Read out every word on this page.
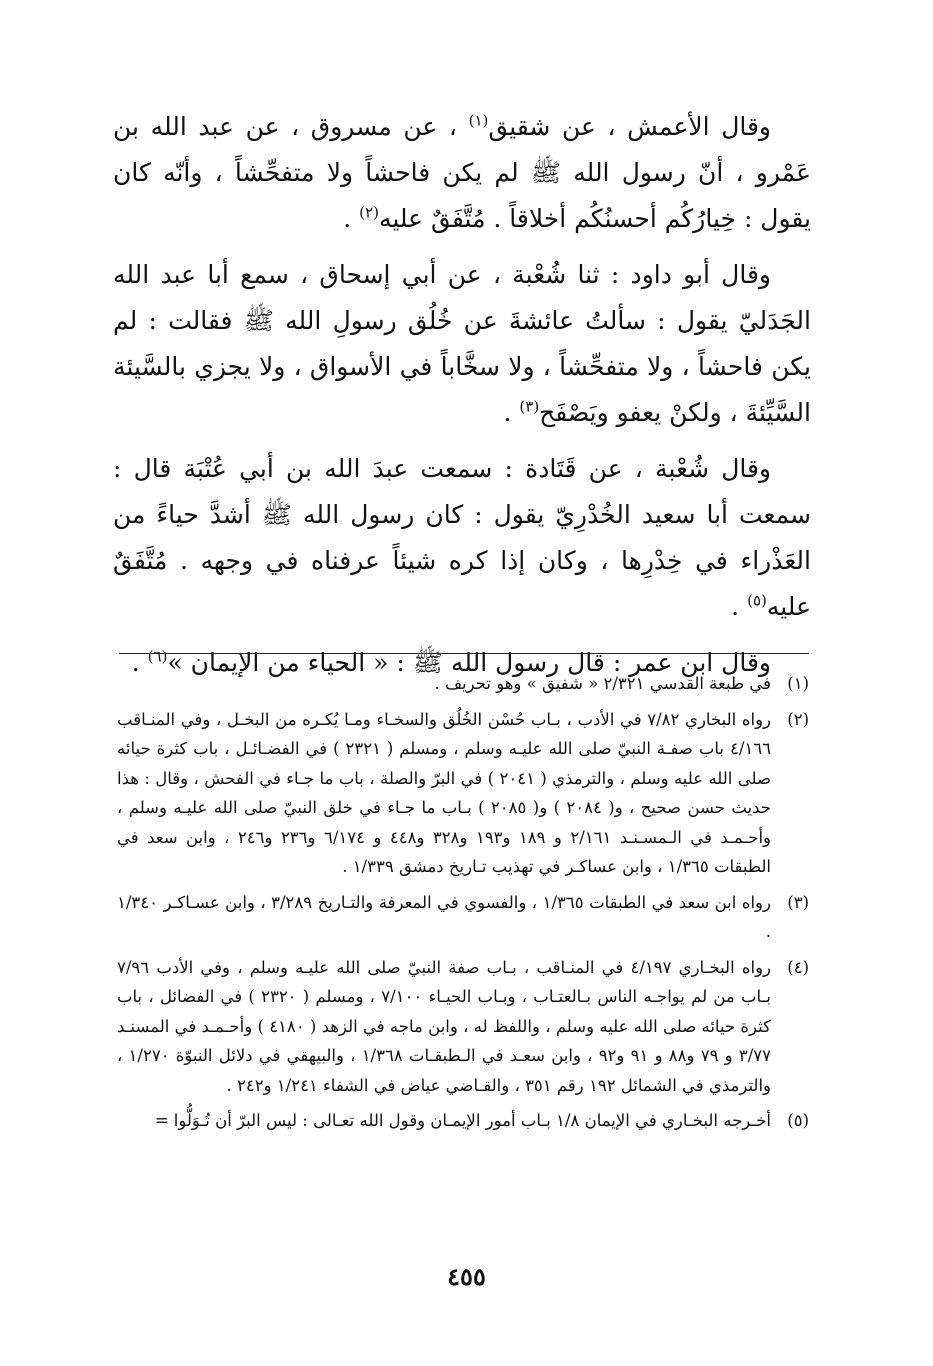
وقال الأعمش ، عن شقيق$^{(١)}$ ، عن مسروق ، عن عبد الله بن عَمْرو ، أنّ رسول الله ﷺ لم يكن فاحشاً ولا متفحِّشاً ، وأنّه كان يقول : خِيارُكُم أحسنُكُم أخلاقاً . مُتَّفَقٌ عليه$^{(٢)}$ .

وقال أبو داود : ثنا شُعْبة ، عن أبي إسحاق ، سمع أبا عبد الله الجَدَليّ يقول : سألتُ عائشةَ عن خُلُق رسولِ الله ﷺ فقالت : لم يكن فاحشاً ، ولا متفحِّشاً ، ولا سخَّاباً في الأسواق ، ولا يجزي بالسَّيئة السَّيِّئةَ ، ولكنْ يعفو ويَصْفَح$^{(٣)}$ .

وقال شُعْبة ، عن قَتَادة : سمعت عبدَ الله بن أبي عُتْبَة قال : سمعت أبا سعيد الخُدْرِيّ يقول : كان رسول الله ﷺ أشدَّ حياءً من العَذْراء في خِدْرِها ، وكان إذا كره شيئاً عرفناه في وجهه . مُتَّفَقٌ عليه$^{(٥)}$ .

وقال ابن عمر : قال رسول الله ﷺ : « الحياء من الإيمان »$^{(٦)}$ .

(١)
في طبعة القدسي ٢/٣٢١ « شفيق » وهو تحريف .
(٢)
رواه البخاري ٧/٨٢ في الأدب ، بـاب حُسْن الخُلُق والسخـاء ومـا يُكـره من البخـل ، وفي المنـاقب ٤/١٦٦ باب صفـة النبيّ صلى الله عليـه وسلم ، ومسلم ( ٢٣٢١ ) في الفضـائـل ، باب كثرة حيائه صلى الله عليه وسلم ، والترمذي ( ٢٠٤١ ) في البرّ والصلة ، باب ما جـاء في الفحش ، وقال : هذا حديث حسن صحيح ، و( ٢٠٨٤ ) و( ٢٠٨٥ ) بـاب ما جـاء في خلق النبيّ صلى الله عليـه وسلم ، وأحـمـد في الـمسـنـد ٢/١٦١ و ١٨٩ و١٩٣ و٣٢٨ و٤٤٨ و ٦/١٧٤ و٢٣٦ و٢٤٦ ، وابن سعد في الطبقات ١/٣٦٥ ، وابن عساكـر في تهذيب تـاريخ دمشق ١/٣٣٩ .
(٣)
رواه ابن سعد في الطبقات ١/٣٦٥ ، والفسوي في المعرفة والتـاريخ ٣/٢٨٩ ، وابن عسـاكـر ١/٣٤٠ .
(٤)
رواه البخـاري ٤/١٩٧ في المنـاقب ، بـاب صفة النبيّ صلى الله عليـه وسلم ، وفي الأدب ٧/٩٦ بـاب من لم يواجـه الناس بـالعتـاب ، وبـاب الحيـاء ٧/١٠٠ ، ومسلم ( ٢٣٢٠ ) في الفضائل ، باب كثرة حيائه صلى الله عليه وسلم ، واللفظ له ، وابن ماجه في الزهد ( ٤١٨٠ ) وأحـمـد في المسنـد ٣/٧٧ و ٧٩ و٨٨ و ٩١ و٩٢ ، وابن سعـد في الـطبقـات ١/٣٦٨ ، والبيهقي في دلائل النبوّة ١/٢٧٠ ، والترمذي في الشمائل ١٩٢ رقم ٣٥١ ، والقـاضي عياض في الشفاء ١/٢٤١ و٢٤٢ .
(٥)
أخـرجه البخـاري في الإيمان ١/٨ بـاب أمور الإيمـان وقول الله تعـالى : ليس البرّ أن تُـوَلُّوا =
٤٥٥
